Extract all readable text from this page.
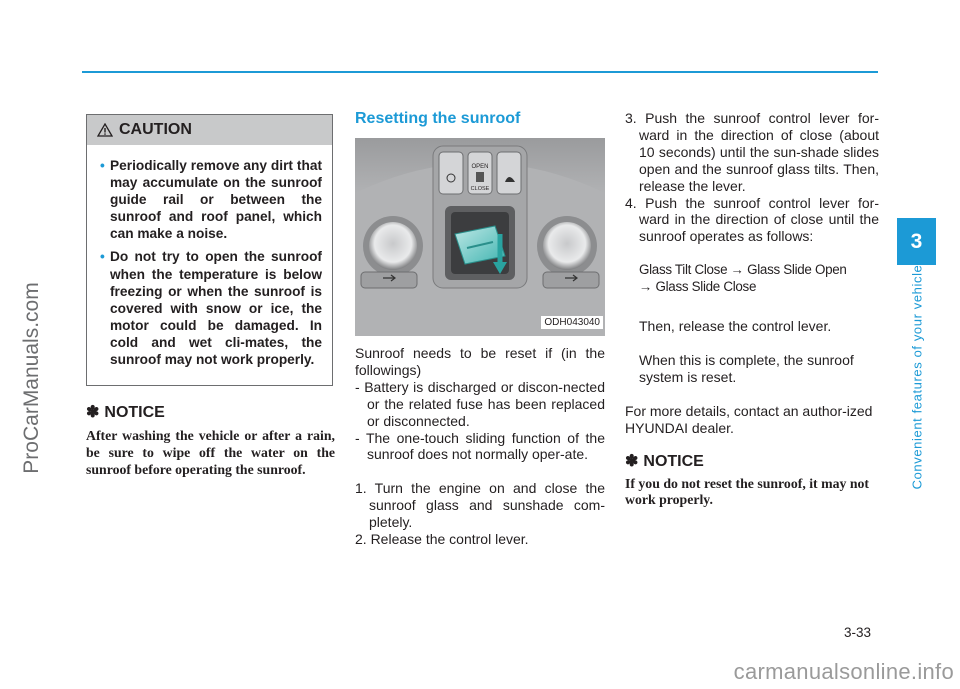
ProCarManuals.com
carmanualsonline.info
3
Convenient features of your vehicle
3-33
CAUTION
• Periodically remove any dirt that may accumulate on the sunroof guide rail or between the sunroof and roof panel, which can make a noise.
• Do not try to open the sunroof when the temperature is below freezing or when the sunroof is covered with snow or ice, the motor could be damaged. In cold and wet cli-mates, the sunroof may not work properly.
✽ NOTICE
After washing the vehicle or after a rain, be sure to wipe off the water on the sunroof before operating the sunroof.
Resetting the sunroof
OPEN
CLOSE
ODH043040

Sunroof needs to be reset if (in the followings)

- Battery is discharged or discon-nected or the related fuse has been replaced or disconnected.

- The one-touch sliding function of the sunroof does not normally oper-ate.

1. Turn the engine on and close the sunroof glass and sunshade com-pletely.

2. Release the control lever.

3. Push the sunroof control lever for-ward in the direction of close (about 10 seconds) until the sun-shade slides open and the sunroof glass tilts. Then, release the lever.

4. Push the sunroof control lever for-ward in the direction of close until the sunroof operates as follows:

Glass Tilt Close → Glass Slide Open

→ Glass Slide Close

Then, release the control lever.

When this is complete, the sunroof system is reset.

For more details, contact an author-ized HYUNDAI dealer.

✽ NOTICE

If you do not reset the sunroof, it may not work properly.
